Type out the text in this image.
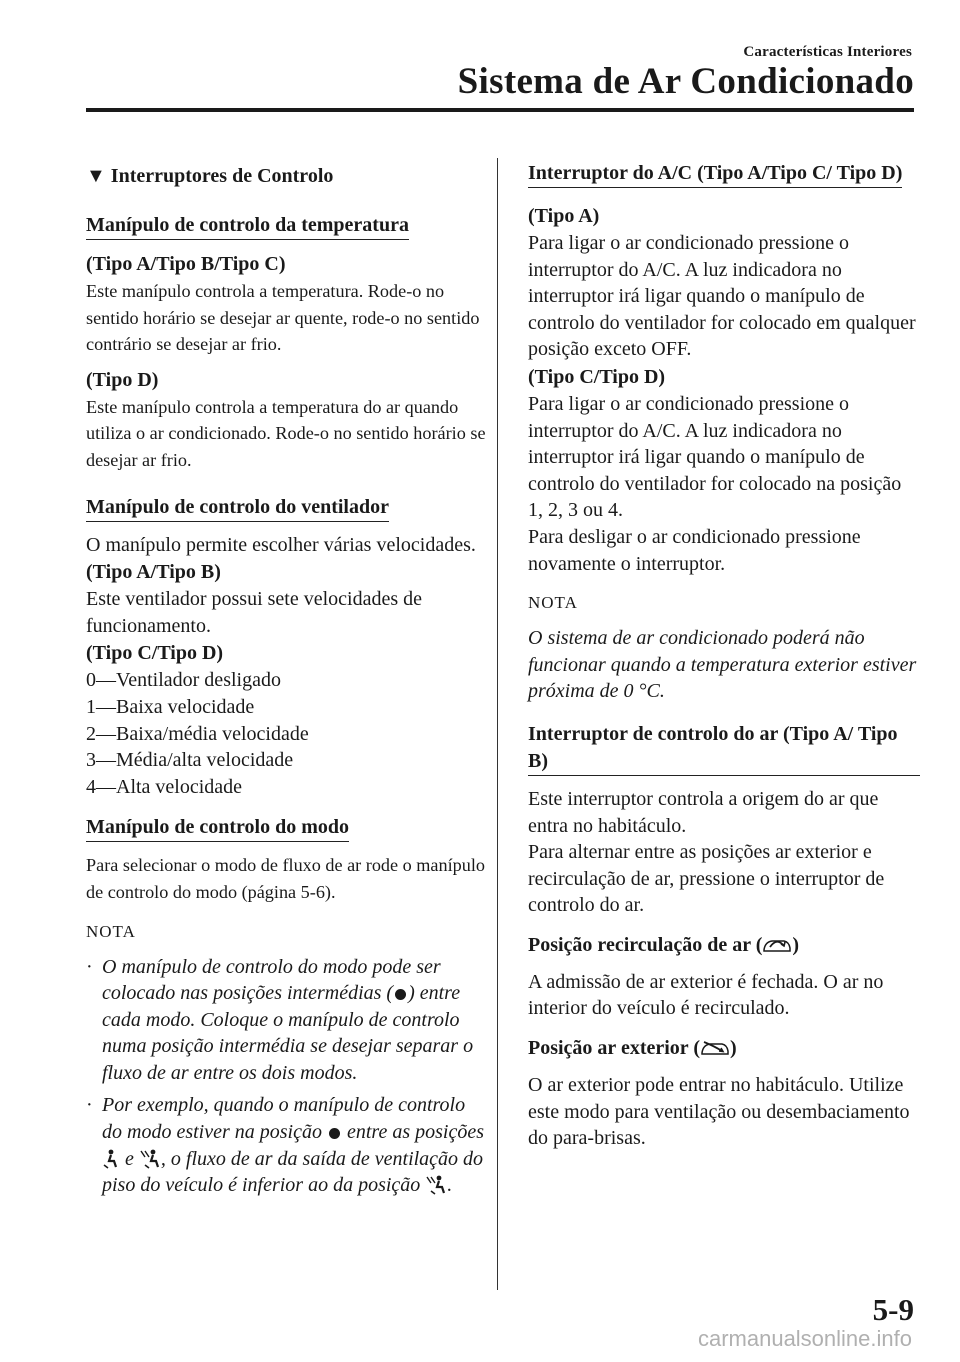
Características Interiores
Sistema de Ar Condicionado
▼ Interruptores de Controlo
Manípulo de controlo da temperatura
(Tipo A/Tipo B/Tipo C)

Este manípulo controla a temperatura. Rode-o no sentido horário se desejar ar quente, rode-o no sentido contrário se desejar ar frio.

(Tipo D)

Este manípulo controla a temperatura do ar quando utiliza o ar condicionado. Rode-o no sentido horário se desejar ar frio.

Manípulo de controlo do ventilador

O manípulo permite escolher várias velocidades.

(Tipo A/Tipo B)

Este ventilador possui sete velocidades de funcionamento.

(Tipo C/Tipo D)
0—Ventilador desligado
1—Baixa velocidade
2—Baixa/média velocidade
3—Média/alta velocidade
4—Alta velocidade
Manípulo de controlo do modo

Para selecionar o modo de fluxo de ar rode o manípulo de controlo do modo (página 5-6).

NOTA
· O manípulo de controlo do modo pode ser colocado nas posições intermédias ( ) entre cada modo. Coloque o manípulo de controlo numa posição intermédia se desejar separar o fluxo de ar entre os dois modos.
· Por exemplo, quando o manípulo de controlo do modo estiver na posição  entre as posições  e , o fluxo de ar da saída de ventilação do piso do veículo é inferior ao da posição .
Interruptor do A/C (Tipo A/Tipo C/ Tipo D)
(Tipo A)

Para ligar o ar condicionado pressione o interruptor do A/C. A luz indicadora no interruptor irá ligar quando o manípulo de controlo do ventilador for colocado em qualquer posição exceto OFF.

(Tipo C/Tipo D)

Para ligar o ar condicionado pressione o interruptor do A/C. A luz indicadora no interruptor irá ligar quando o manípulo de controlo do ventilador for colocado na posição 1, 2, 3 ou 4.

Para desligar o ar condicionado pressione novamente o interruptor.

NOTA

O sistema de ar condicionado poderá não funcionar quando a temperatura exterior estiver próxima de 0 °C.

Interruptor de controlo do ar (Tipo A/ Tipo B)

Este interruptor controla a origem do ar que entra no habitáculo.

Para alternar entre as posições ar exterior e recirculação de ar, pressione o interruptor de controlo do ar.

Posição recirculação de ar ( )

A admissão de ar exterior é fechada. O ar no interior do veículo é recirculado.

Posição ar exterior ( )

O ar exterior pode entrar no habitáculo. Utilize este modo para ventilação ou desembaciamento do para-brisas.

5-9
carmanualsonline.info
